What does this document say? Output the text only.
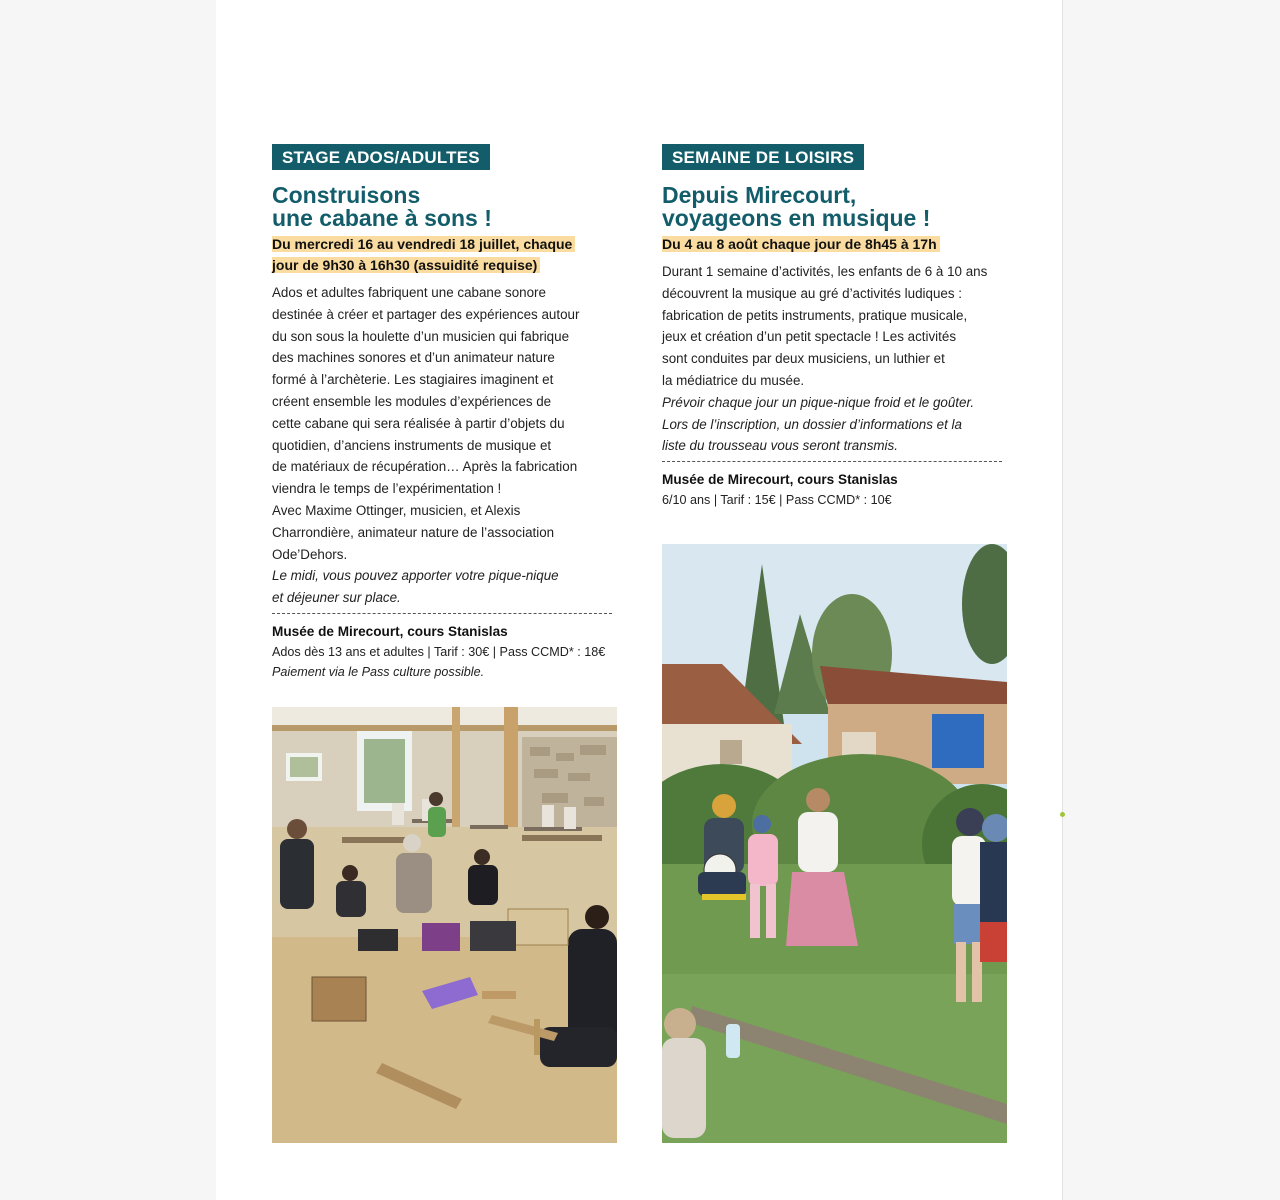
STAGE ADOS/ADULTES
Construisons
une cabane à sons !

Du mercredi 16 au vendredi 18 juillet, chaque
jour de 9h30 à 16h30 (assuidité requise)

Ados et adultes fabriquent une cabane sonore

destinée à créer et partager des expériences autour

du son sous la houlette d’un musicien qui fabrique

des machines sonores et d’un animateur nature

formé à l’archèterie. Les stagiaires imaginent et

créent ensemble les modules d’expériences de

cette cabane qui sera réalisée à partir d’objets du

quotidien, d’anciens instruments de musique et

de matériaux de récupération… Après la fabrication

viendra le temps de l’expérimentation !

Avec Maxime Ottinger, musicien, et Alexis

Charrondière, animateur nature de l’association

Ode’Dehors.

Le midi, vous pouvez apporter votre pique-nique

et déjeuner sur place.

Musée de Mirecourt, cours Stanislas
Ados dès 13 ans et adultes | Tarif : 30€ | Pass CCMD* : 18€
Paiement via le Pass culture possible.
SEMAINE DE LOISIRS
Depuis Mirecourt,
voyageons en musique !

Du 4 au 8 août chaque jour de 8h45 à 17h

Durant 1 semaine d’activités, les enfants de 6 à 10 ans

découvrent la musique au gré d’activités ludiques :

fabrication de petits instruments, pratique musicale,

jeux et création d’un petit spectacle ! Les activités

sont conduites par deux musiciens, un luthier et

la médiatrice du musée.

Prévoir chaque jour un pique-nique froid et le goûter.

Lors de l’inscription, un dossier d’informations et la

liste du trousseau vous seront transmis.

Musée de Mirecourt, cours Stanislas
6/10 ans | Tarif : 15€ | Pass CCMD* : 10€
